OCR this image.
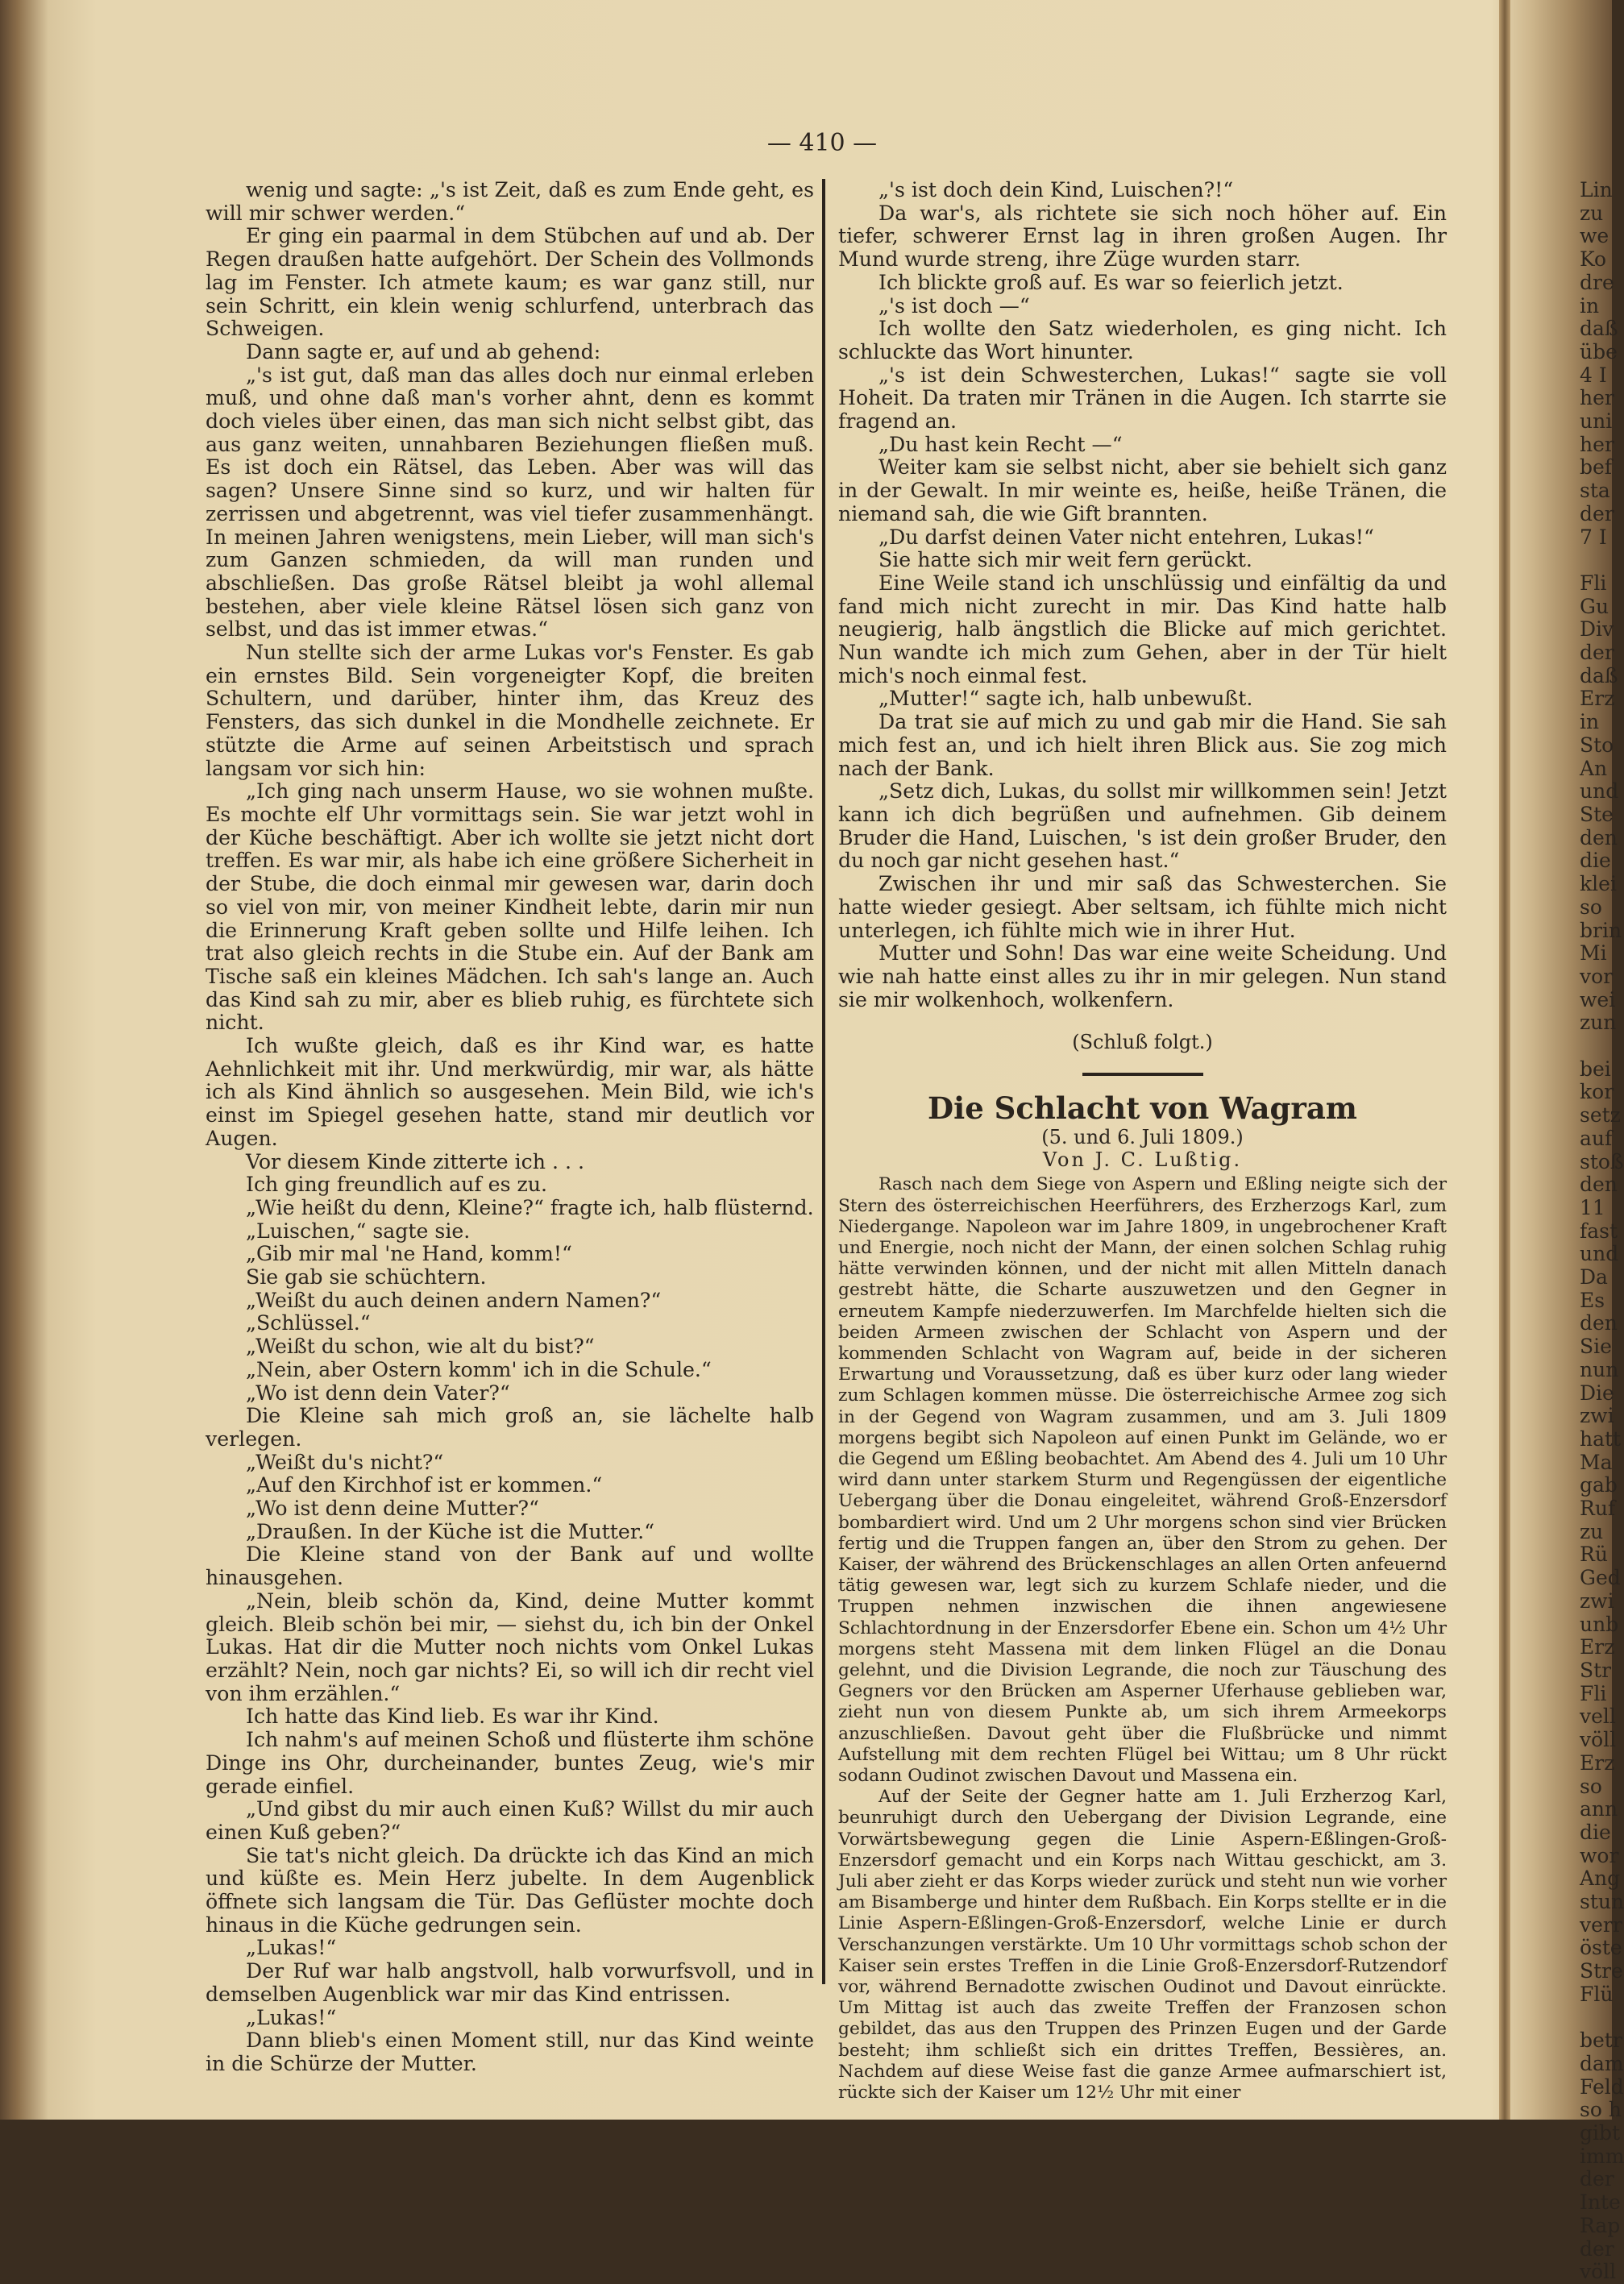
— 410 —

wenig und sagte: „'s ist Zeit, daß es zum Ende geht, es will mir schwer werden.“

Er ging ein paarmal in dem Stübchen auf und ab. Der Regen draußen hatte aufgehört. Der Schein des Vollmonds lag im Fenster. Ich atmete kaum; es war ganz still, nur sein Schritt, ein klein wenig schlurfend, unterbrach das Schweigen.

Dann sagte er, auf und ab gehend:

„'s ist gut, daß man das alles doch nur einmal erleben muß, und ohne daß man's vorher ahnt, denn es kommt doch vieles über einen, das man sich nicht selbst gibt, das aus ganz weiten, unnahbaren Beziehungen fließen muß. Es ist doch ein Rätsel, das Leben. Aber was will das sagen? Unsere Sinne sind so kurz, und wir halten für zerrissen und abgetrennt, was viel tiefer zusammenhängt. In meinen Jahren wenigstens, mein Lieber, will man sich's zum Ganzen schmieden, da will man runden und abschließen. Das große Rätsel bleibt ja wohl allemal bestehen, aber viele kleine Rätsel lösen sich ganz von selbst, und das ist immer etwas.“

Nun stellte sich der arme Lukas vor's Fenster. Es gab ein ernstes Bild. Sein vorgeneigter Kopf, die breiten Schultern, und darüber, hinter ihm, das Kreuz des Fensters, das sich dunkel in die Mondhelle zeichnete. Er stützte die Arme auf seinen Arbeitstisch und sprach langsam vor sich hin:

„Ich ging nach unserm Hause, wo sie wohnen mußte. Es mochte elf Uhr vormittags sein. Sie war jetzt wohl in der Küche beschäftigt. Aber ich wollte sie jetzt nicht dort treffen. Es war mir, als habe ich eine größere Sicherheit in der Stube, die doch einmal mir gewesen war, darin doch so viel von mir, von meiner Kindheit lebte, darin mir nun die Erinnerung Kraft geben sollte und Hilfe leihen. Ich trat also gleich rechts in die Stube ein. Auf der Bank am Tische saß ein kleines Mädchen. Ich sah's lange an. Auch das Kind sah zu mir, aber es blieb ruhig, es fürchtete sich nicht.

Ich wußte gleich, daß es ihr Kind war, es hatte Aehnlichkeit mit ihr. Und merkwürdig, mir war, als hätte ich als Kind ähnlich so ausgesehen. Mein Bild, wie ich's einst im Spiegel gesehen hatte, stand mir deutlich vor Augen.

Vor diesem Kinde zitterte ich . . .

Ich ging freundlich auf es zu.

„Wie heißt du denn, Kleine?“ fragte ich, halb flüsternd.

„Luischen,“ sagte sie.

„Gib mir mal 'ne Hand, komm!“

Sie gab sie schüchtern.

„Weißt du auch deinen andern Namen?“

„Schlüssel.“

„Weißt du schon, wie alt du bist?“

„Nein, aber Ostern komm' ich in die Schule.“

„Wo ist denn dein Vater?“

Die Kleine sah mich groß an, sie lächelte halb verlegen.

„Weißt du's nicht?“

„Auf den Kirchhof ist er kommen.“

„Wo ist denn deine Mutter?“

„Draußen. In der Küche ist die Mutter.“

Die Kleine stand von der Bank auf und wollte hinausgehen.

„Nein, bleib schön da, Kind, deine Mutter kommt gleich. Bleib schön bei mir, — siehst du, ich bin der Onkel Lukas. Hat dir die Mutter noch nichts vom Onkel Lukas erzählt? Nein, noch gar nichts? Ei, so will ich dir recht viel von ihm erzählen.“

Ich hatte das Kind lieb. Es war ihr Kind.

Ich nahm's auf meinen Schoß und flüsterte ihm schöne Dinge ins Ohr, durcheinander, buntes Zeug, wie's mir gerade einfiel.

„Und gibst du mir auch einen Kuß? Willst du mir auch einen Kuß geben?“

Sie tat's nicht gleich. Da drückte ich das Kind an mich und küßte es. Mein Herz jubelte. In dem Augenblick öffnete sich langsam die Tür. Das Geflüster mochte doch hinaus in die Küche gedrungen sein.

„Lukas!“

Der Ruf war halb angstvoll, halb vorwurfsvoll, und in demselben Augenblick war mir das Kind entrissen.

„Lukas!“

Dann blieb's einen Moment still, nur das Kind weinte in die Schürze der Mutter.

„'s ist doch dein Kind, Luischen?!“

Da war's, als richtete sie sich noch höher auf. Ein tiefer, schwerer Ernst lag in ihren großen Augen. Ihr Mund wurde streng, ihre Züge wurden starr.

Ich blickte groß auf. Es war so feierlich jetzt.

„'s ist doch —“

Ich wollte den Satz wiederholen, es ging nicht. Ich schluckte das Wort hinunter.

„'s ist dein Schwesterchen, Lukas!“ sagte sie voll Hoheit. Da traten mir Tränen in die Augen. Ich starrte sie fragend an.

„Du hast kein Recht —“

Weiter kam sie selbst nicht, aber sie behielt sich ganz in der Gewalt. In mir weinte es, heiße, heiße Tränen, die niemand sah, die wie Gift brannten.

„Du darfst deinen Vater nicht entehren, Lukas!“

Sie hatte sich mir weit fern gerückt.

Eine Weile stand ich unschlüssig und einfältig da und fand mich nicht zurecht in mir. Das Kind hatte halb neugierig, halb ängstlich die Blicke auf mich gerichtet. Nun wandte ich mich zum Gehen, aber in der Tür hielt mich's noch einmal fest.

„Mutter!“ sagte ich, halb unbewußt.

Da trat sie auf mich zu und gab mir die Hand. Sie sah mich fest an, und ich hielt ihren Blick aus. Sie zog mich nach der Bank.

„Setz dich, Lukas, du sollst mir willkommen sein! Jetzt kann ich dich begrüßen und aufnehmen. Gib deinem Bruder die Hand, Luischen, 's ist dein großer Bruder, den du noch gar nicht gesehen hast.“

Zwischen ihr und mir saß das Schwesterchen. Sie hatte wieder gesiegt. Aber seltsam, ich fühlte mich nicht unterlegen, ich fühlte mich wie in ihrer Hut.

Mutter und Sohn! Das war eine weite Scheidung. Und wie nah hatte einst alles zu ihr in mir gelegen. Nun stand sie mir wolkenhoch, wolkenfern.

(Schluß folgt.)

Die Schlacht von Wagram

(5. und 6. Juli 1809.)

Von J. C. Lußtig.

Rasch nach dem Siege von Aspern und Eßling neigte sich der Stern des österreichischen Heerführers, des Erzherzogs Karl, zum Niedergange. Napoleon war im Jahre 1809, in ungebrochener Kraft und Energie, noch nicht der Mann, der einen solchen Schlag ruhig hätte verwinden können, und der nicht mit allen Mitteln danach gestrebt hätte, die Scharte auszuwetzen und den Gegner in erneutem Kampfe niederzuwerfen. Im Marchfelde hielten sich die beiden Armeen zwischen der Schlacht von Aspern und der kommenden Schlacht von Wagram auf, beide in der sicheren Erwartung und Voraussetzung, daß es über kurz oder lang wieder zum Schlagen kommen müsse. Die österreichische Armee zog sich in der Gegend von Wagram zusammen, und am 3. Juli 1809 morgens begibt sich Napoleon auf einen Punkt im Gelände, wo er die Gegend um Eßling beobachtet. Am Abend des 4. Juli um 10 Uhr wird dann unter starkem Sturm und Regengüssen der eigentliche Uebergang über die Donau eingeleitet, während Groß-Enzersdorf bombardiert wird. Und um 2 Uhr morgens schon sind vier Brücken fertig und die Truppen fangen an, über den Strom zu gehen. Der Kaiser, der während des Brückenschlages an allen Orten anfeuernd tätig gewesen war, legt sich zu kurzem Schlafe nieder, und die Truppen nehmen inzwischen die ihnen angewiesene Schlachtordnung in der Enzersdorfer Ebene ein. Schon um 4½ Uhr morgens steht Massena mit dem linken Flügel an die Donau gelehnt, und die Division Legrande, die noch zur Täuschung des Gegners vor den Brücken am Asperner Uferhause geblieben war, zieht nun von diesem Punkte ab, um sich ihrem Armeekorps anzuschließen. Davout geht über die Flußbrücke und nimmt Aufstellung mit dem rechten Flügel bei Wittau; um 8 Uhr rückt sodann Oudinot zwischen Davout und Massena ein.

Auf der Seite der Gegner hatte am 1. Juli Erzherzog Karl, beunruhigt durch den Uebergang der Division Legrande, eine Vorwärtsbewegung gegen die Linie Aspern-Eßlingen-Groß-Enzersdorf gemacht und ein Korps nach Wittau geschickt, am 3. Juli aber zieht er das Korps wieder zurück und steht nun wie vorher am Bisamberge und hinter dem Rußbach. Ein Korps stellte er in die Linie Aspern-Eßlingen-Groß-Enzersdorf, welche Linie er durch Verschanzungen verstärkte. Um 10 Uhr vormittags schob schon der Kaiser sein erstes Treffen in die Linie Groß-Enzersdorf-Rutzendorf vor, während Bernadotte zwischen Oudinot und Davout einrückte. Um Mittag ist auch das zweite Treffen der Franzosen schon gebildet, das aus den Truppen des Prinzen Eugen und der Garde besteht; ihm schließt sich ein drittes Treffen, Bessières, an. Nachdem auf diese Weise fast die ganze Armee aufmarschiert ist, rückte sich der Kaiser um 12½ Uhr mit einer

Lin
zu
we
Ko
dre
in
daß
übe
4 I
her
uni
her
bef
sta
der
7 I

Fli
Gu
Div
der
daß
Erz
in
Sto
An
und
Ste
den
die
klei
so
brin
Mi
vor
wei
zun

bei
kor
setz
auf
stoß
den
11
fast
und
Da
Es
den
Sie
nun
Die
zwi
hatt
Ma
gab
Ruf
zu
Rü
Ged
zwi
unb
Erz
Str
Fli
vell
völl
Erz
so
ann
die
wor
Ang
stun
verr
öste
Stre
Flü

betr
dam
Feld
so h
gibt
imm
der
Inte
Rap
der
völl
